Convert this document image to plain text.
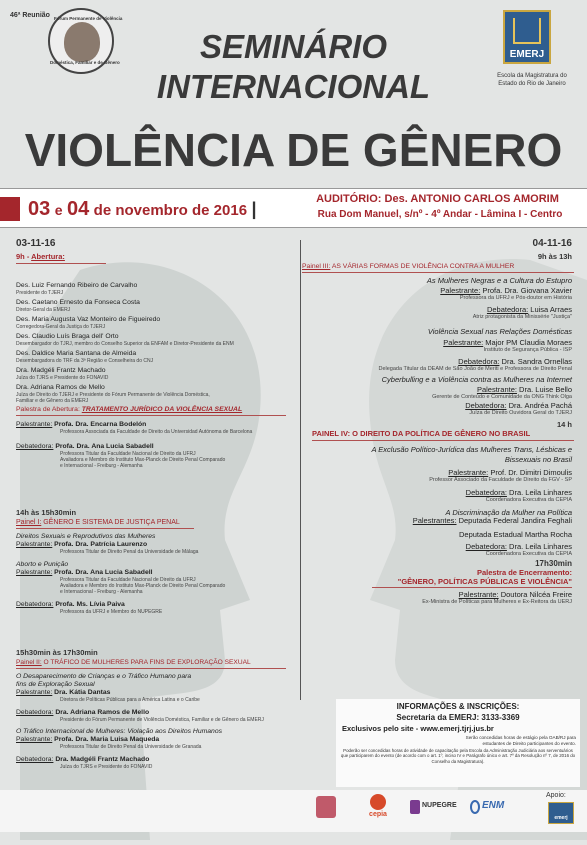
46ª Reunião Fórum Permanente de Violência
Doméstica, Familiar e de Gênero	SEMINÁRIO
INTERNACIONAL
VIOLÊNCIA DE GÊNERO
EMERJ
Escola da Magistratura do
Estado do Rio de Janeiro
03 e 04 de novembro de 2016 |	AUDITÓRIO: Des. ANTONIO CARLOS AMORIM
Rua Dom Manuel, s/nº - 4º Andar - Lâmina I - Centro
03-11-16
9h - Abertura:
Des. Luiz Fernando Ribeiro de Carvalho
Presidente do TJERJ
Des. Caetano Ernesto da Fonseca Costa
Diretor-Geral da EMERJ
Des. Maria Augusta Vaz Monteiro de Figueiredo
Corregedora-Geral da Justiça do TJERJ
Des. Claudio Luís Braga dell' Orto
Desembargador do TJRJ, membro do Conselho Superior da ENFAM e Diretor-Presidente da ENM
Des. Daldice Maria Santana de Almeida
Desembargadora do TRF da 3ª Região e Conselheira do CNJ
Dra. Madgéli Frantz Machado
Juíza do TJRS e Presidente do FONAVID
Dra. Adriana Ramos de Mello
Juíza de Direito do TJERJ e Presidente do Fórum Permanente de Violência Doméstica,
Familiar e de Gênero da EMERJ
Palestra de Abertura: TRATAMENTO JURÍDICO DA VIOLÊNCIA SEXUAL
Palestrante: Profa. Dra. Encarna Bodelón
Professora Associada da Faculdade de Direito da Universidad Autónoma de Barcelona
Debatedora: Profa. Dra. Ana Lucia Sabadell
Professora Titular da Faculdade Nacional de Direito da UFRJ
Avaliadora e Membro do Instituto Max-Planck de Direito Penal Comparado
e Internacional - Freiburg - Alemanha
14h às 15h30min
Painel I: GÊNERO E SISTEMA DE JUSTIÇA PENAL
Direitos Sexuais e Reprodutivos das Mulheres
Palestrante: Profa. Dra. Patrícia Laurenzo
Professora Titular de Direito Penal da Universidade de Málaga
Aborto e Punição
Palestrante: Profa. Dra. Ana Lucia Sabadell
Professora Titular da Faculdade Nacional de Direito da UFRJ
Avaliadora e Membro do Instituto Max-Planck de Direito Penal Comparado
e Internacional - Freiburg - Alemanha
Debatedora: Profa. Ms. Lívia Paiva
Professora da UFRJ e Membro do NUPEGRE
15h30min às 17h30min
Painel II: O TRÁFICO DE MULHERES PARA FINS DE EXPLORAÇÃO SEXUAL
O Desaparecimento de Crianças e o Tráfico Humano para
fins de Exploração Sexual
Palestrante: Dra. Kátia Dantas
Diretora de Políticas Públicas para a América Latina e o Caribe
Debatedora: Dra. Adriana Ramos de Mello
Presidente do Fórum Permanente de Violência Doméstica, Familiar e de Gênero da EMERJ
O Tráfico Internacional de Mulheres: Violação aos Direitos Humanos
Palestrante: Profa. Dra. Maria Luisa Maqueda
Professora Titular de Direito Penal da Universidade de Granada
Debatedora: Dra. Madgéli Frantz Machado
Juíza do TJRS e Presidente do FONAVID
04-11-16
9h às 13h
Painel III: AS VÁRIAS FORMAS DE VIOLÊNCIA CONTRA A MULHER
As Mulheres Negras e a Cultura do Estupro
Palestrante: Profa. Dra. Giovana Xavier
Professora da UFRJ e Pós-doutor em História
Debatedora: Luisa Arraes
Atriz protagonista da Minissérie "Justiça"
Violência Sexual nas Relações Domésticas
Palestrante: Major PM Claudia Moraes
Instituto de Segurança Pública - ISP
Debatedora: Dra. Sandra Ornellas
Delegada Titular da DEAM de São João de Meriti e Professora de Direito Penal
Cyberbulling e a Violência contra as Mulheres na Internet
Palestrante: Dra. Luise Bello
Gerente de Conteúdo e Comunidade da ONG Think Olga
Debatedora: Dra. Andréa Pachá
Juíza de Direito Ouvidora Geral do TJERJ
14 h
PAINEL IV: O DIREITO DA POLÍTICA DE GÊNERO NO BRASIL
A Exclusão Político-Jurídica das Mulheres Trans, Lésbicas e
Bissexuais no Brasil
Palestrante: Prof. Dr. Dimitri Dimoulis
Professor Associado da Faculdade de Direito da FGV - SP
Debatedora: Dra. Leila Linhares
Coordenadora Executiva da CEPIA
A Discriminação da Mulher na Política
Palestrantes: Deputada Federal Jandira Feghali
Deputada Estadual Martha Rocha
Debatedora: Dra. Leila Linhares
Coordenadora Executiva da CEPIA
17h30min
Palestra de Encerramento:
"GÊNERO, POLÍTICAS PÚBLICAS E VIOLÊNCIA"
Palestrante: Doutora Nilcéa Freire
Ex-Ministra de Políticas para Mulheres e Ex-Reitora da UERJ
INFORMAÇÕES & INSCRIÇÕES:
Secretaria da EMERJ: 3133-3369
Exclusivos pelo site - www.emerj.tjrj.jus.br
Serão concedidas horas de estágio pela OAB/RJ para estudantes de Direito participantes do evento.
Poderão ser concedidas horas de atividade de capacitação pela Escola da Administração Judiciária aos serventuários que participarem do evento (de acordo com o art. 1º, inciso IV e Parágrafo único e art. 7º da Resolução nº 7, de 2016 do Conselho da Magistratura).
cepia
NUPEGRE	ENM
Apoio:
emerj
